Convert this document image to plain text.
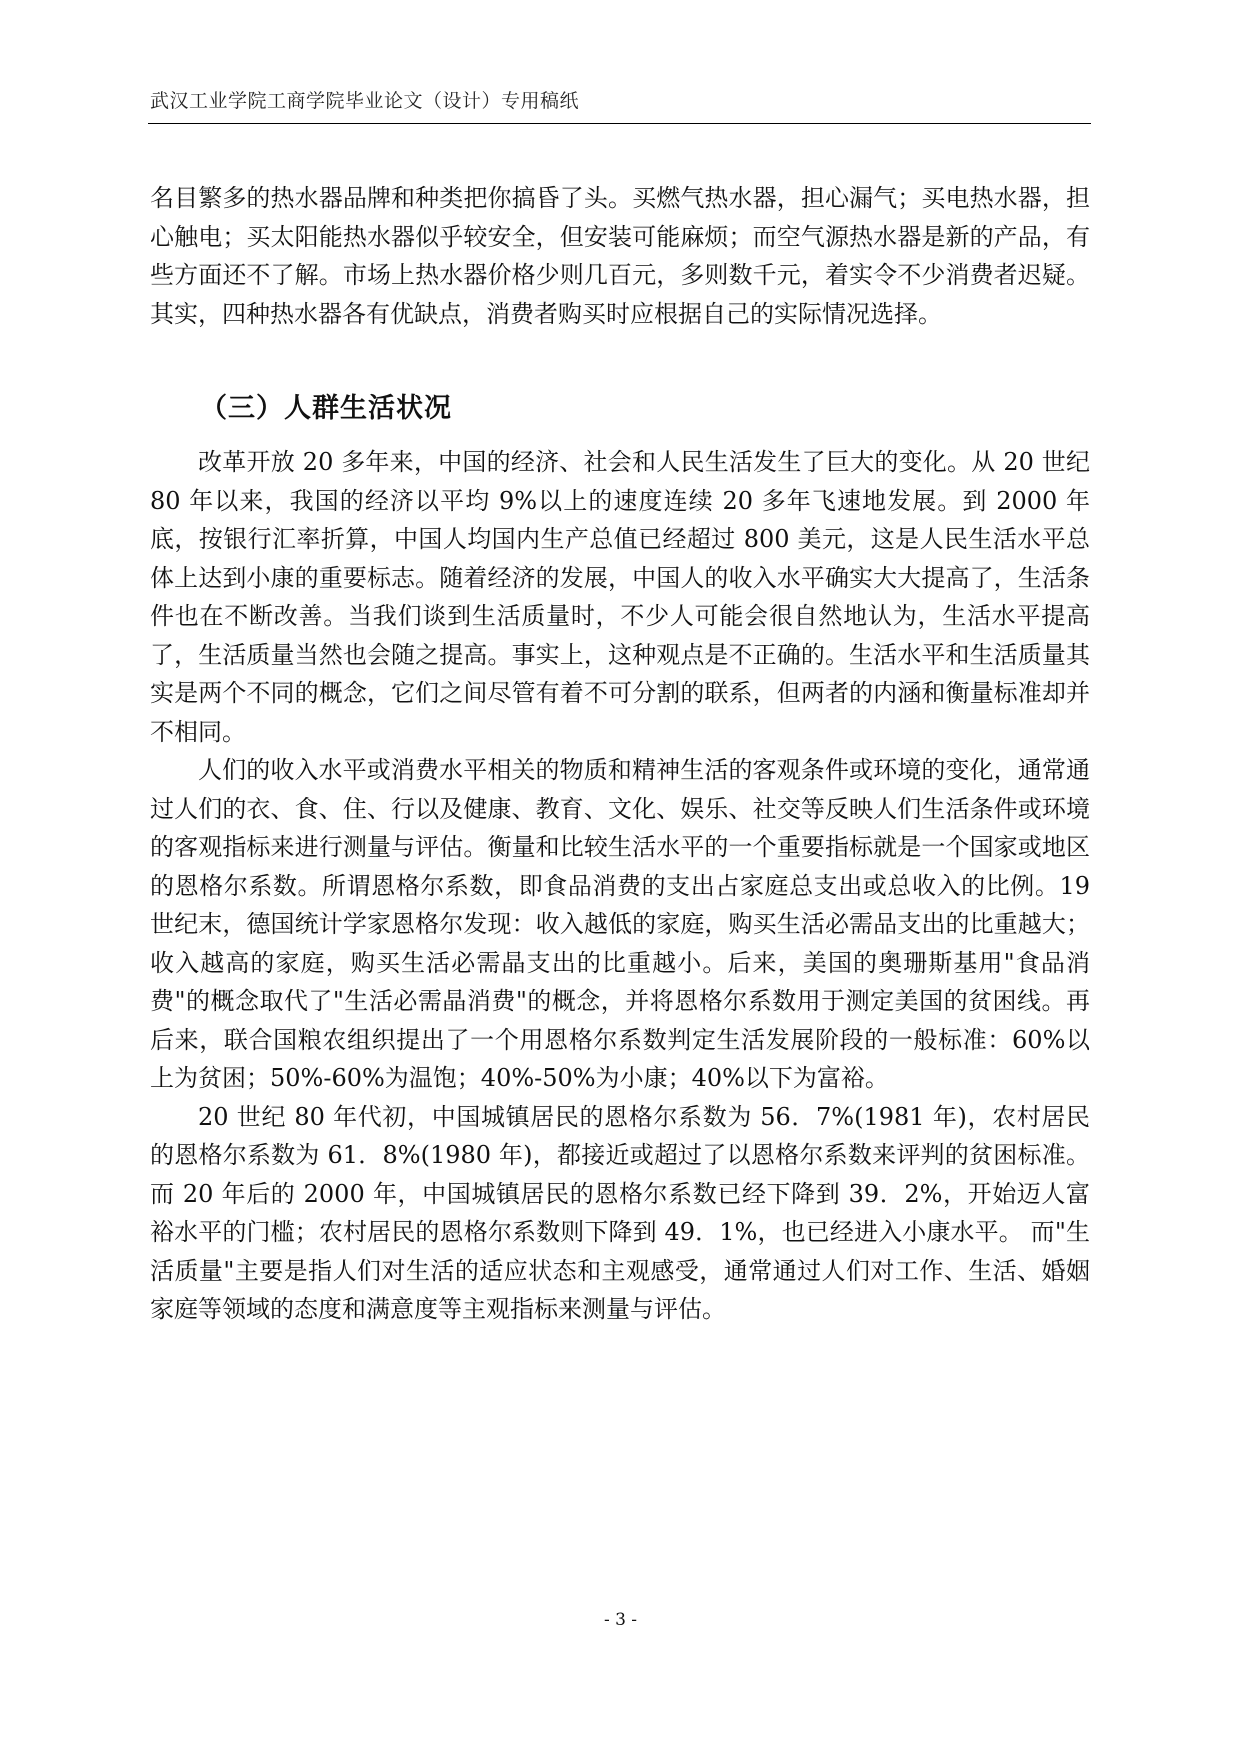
武汉工业学院工商学院毕业论文（设计）专用稿纸

名目繁多的热水器品牌和种类把你搞昏了头。买燃气热水器，担心漏气；买电热水器，担心触电；买太阳能热水器似乎较安全，但安装可能麻烦；而空气源热水器是新的产品，有些方面还不了解。市场上热水器价格少则几百元，多则数千元，着实令不少消费者迟疑。其实，四种热水器各有优缺点，消费者购买时应根据自己的实际情况选择。

（三）人群生活状况

改革开放 20 多年来，中国的经济、社会和人民生活发生了巨大的变化。从 20 世纪 80 年以来，我国的经济以平均 9%以上的速度连续 20 多年飞速地发展。到 2000 年底，按银行汇率折算，中国人均国内生产总值已经超过 800 美元，这是人民生活水平总体上达到小康的重要标志。随着经济的发展，中国人的收入水平确实大大提高了，生活条件也在不断改善。当我们谈到生活质量时，不少人可能会很自然地认为，生活水平提高了，生活质量当然也会随之提高。事实上，这种观点是不正确的。生活水平和生活质量其实是两个不同的概念，它们之间尽管有着不可分割的联系，但两者的内涵和衡量标准却并不相同。

人们的收入水平或消费水平相关的物质和精神生活的客观条件或环境的变化，通常通过人们的衣、食、住、行以及健康、教育、文化、娱乐、社交等反映人们生活条件或环境的客观指标来进行测量与评估。衡量和比较生活水平的一个重要指标就是一个国家或地区的恩格尔系数。所谓恩格尔系数，即食品消费的支出占家庭总支出或总收入的比例。19 世纪末，德国统计学家恩格尔发现：收入越低的家庭，购买生活必需品支出的比重越大；收入越高的家庭，购买生活必需晶支出的比重越小。后来，美国的奥珊斯基用"食品消费"的概念取代了"生活必需晶消费"的概念，并将恩格尔系数用于测定美国的贫困线。再后来，联合国粮农组织提出了一个用恩格尔系数判定生活发展阶段的一般标准：60%以上为贫困；50%-60%为温饱；40%-50%为小康；40%以下为富裕。

20 世纪 80 年代初，中国城镇居民的恩格尔系数为 56．7%(1981 年)，农村居民的恩格尔系数为 61．8%(1980 年)，都接近或超过了以恩格尔系数来评判的贫困标准。而 20 年后的 2000 年，中国城镇居民的恩格尔系数已经下降到 39．2%，开始迈人富裕水平的门槛；农村居民的恩格尔系数则下降到 49．1%，也已经进入小康水平。 而"生活质量"主要是指人们对生活的适应状态和主观感受，通常通过人们对工作、生活、婚姻家庭等领域的态度和满意度等主观指标来测量与评估。

- 3 -
